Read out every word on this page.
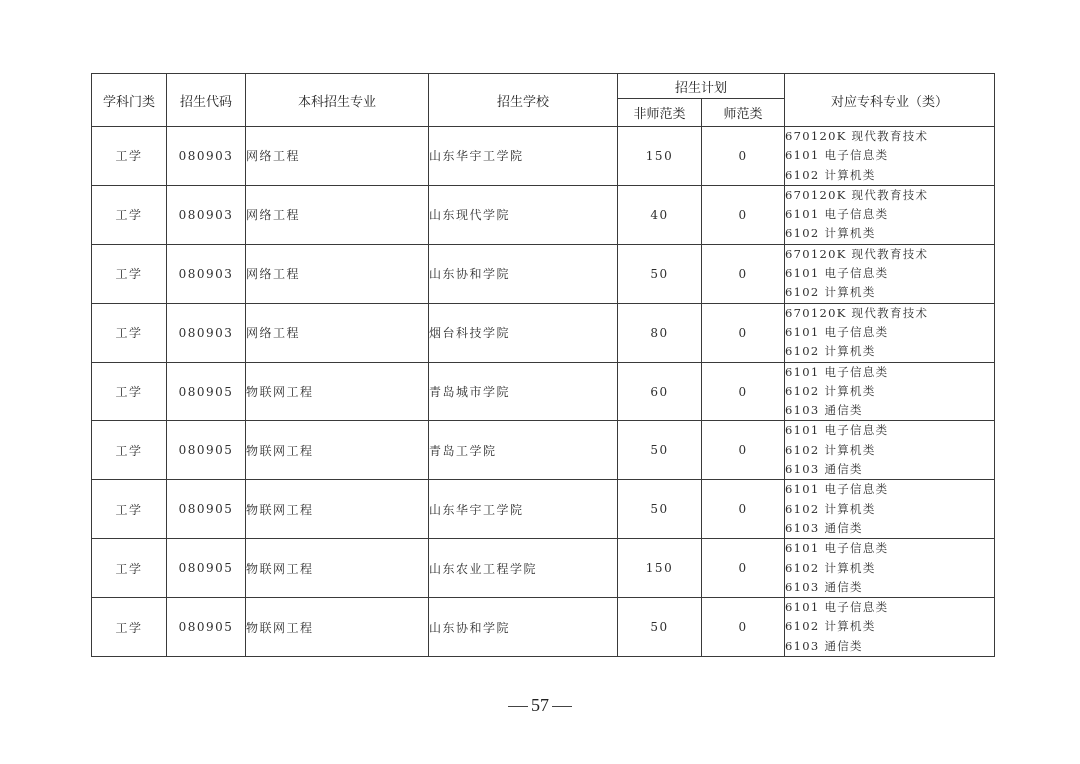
学科门类	招生代码	本科招生专业	招生学校	招生计划		对应专科专业（类）
				非师范类	师范类	
工学	080903	网络工程	山东华宇工学院	150	0	670120K 现代教育技术
6101 电子信息类
6102 计算机类

工学	080903	网络工程	山东现代学院	40	0	670120K 现代教育技术
6101 电子信息类
6102 计算机类

工学	080903	网络工程	山东协和学院	50	0	670120K 现代教育技术
6101 电子信息类
6102 计算机类

工学	080903	网络工程	烟台科技学院	80	0	670120K 现代教育技术
6101 电子信息类
6102 计算机类

工学	080905	物联网工程	青岛城市学院	60	0	6101 电子信息类
6102 计算机类
6103 通信类

工学	080905	物联网工程	青岛工学院	50	0	6101 电子信息类
6102 计算机类
6103 通信类

工学	080905	物联网工程	山东华宇工学院	50	0	6101 电子信息类
6102 计算机类
6103 通信类

工学	080905	物联网工程	山东农业工程学院	150	0	6101 电子信息类
6102 计算机类
6103 通信类

工学	080905	物联网工程	山东协和学院	50	0	6101 电子信息类
6102 计算机类
6103 通信类
57
